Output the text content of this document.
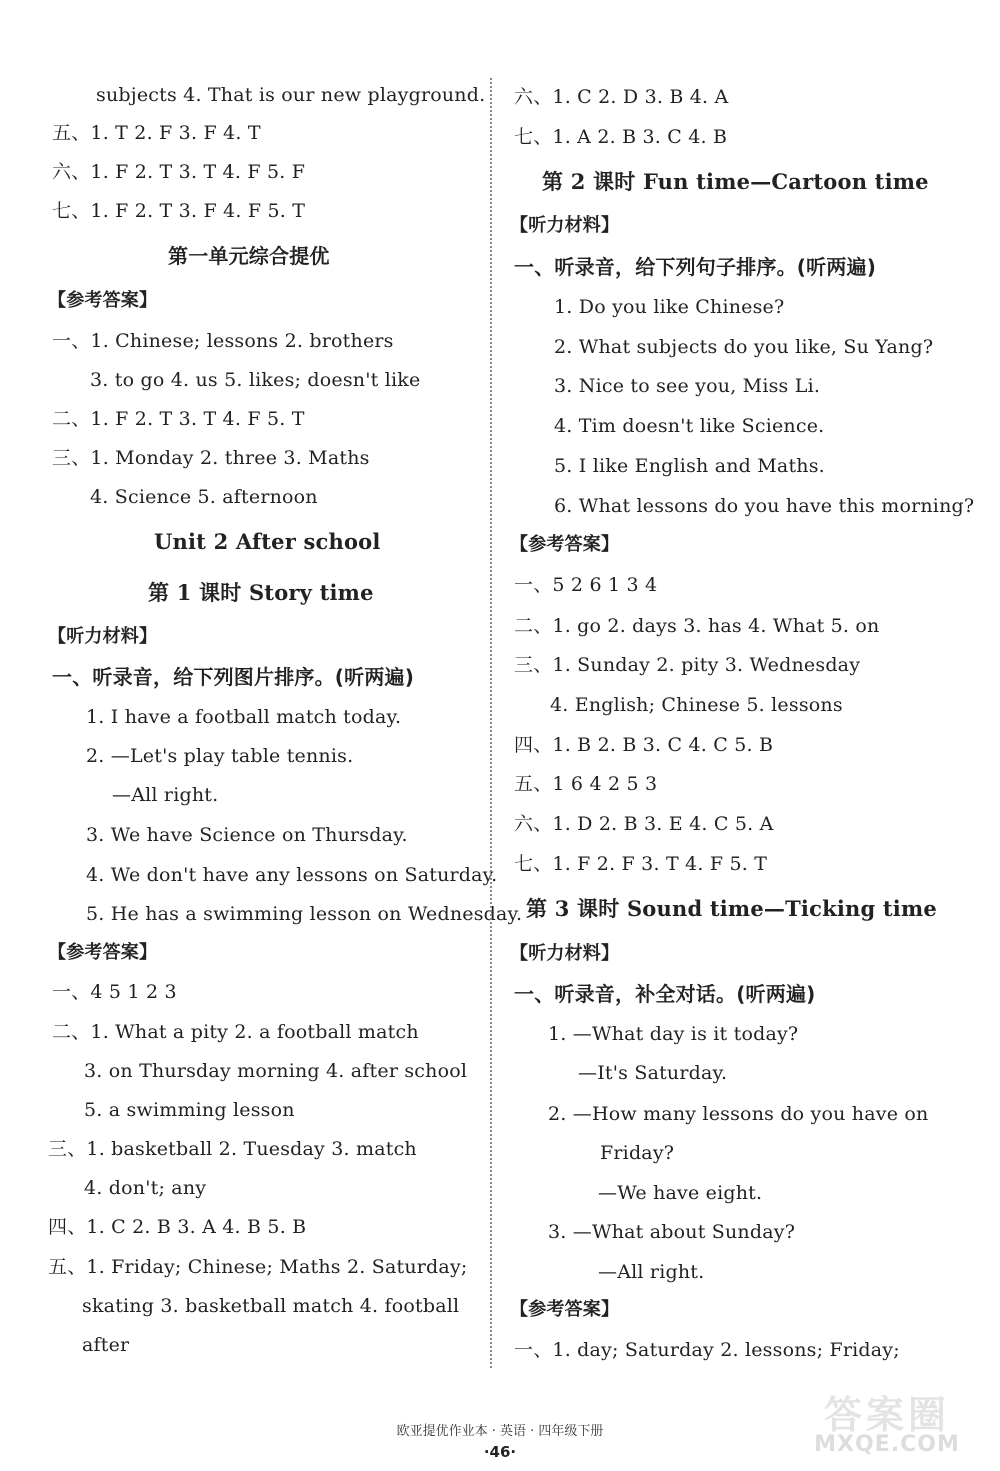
subjects 4. That is our new playground.
五、1. T 2. F 3. F 4. T
六、1. F 2. T 3. T 4. F 5. F
七、1. F 2. T 3. F 4. F 5. T
第一单元综合提优
【参考答案】
一、1. Chinese; lessons 2. brothers
3. to go 4. us 5. likes; doesn't like
二、1. F 2. T 3. T 4. F 5. T
三、1. Monday 2. three 3. Maths
4. Science 5. afternoon
Unit 2 After school
第 1 课时 Story time
【听力材料】
一、听录音，给下列图片排序。(听两遍)
1. I have a football match today.
2. —Let's play table tennis.
—All right.
3. We have Science on Thursday.
4. We don't have any lessons on Saturday.
5. He has a swimming lesson on Wednesday.
【参考答案】
一、4 5 1 2 3
二、1. What a pity 2. a football match
3. on Thursday morning 4. after school
5. a swimming lesson
三、1. basketball 2. Tuesday 3. match
4. don't; any
四、1. C 2. B 3. A 4. B 5. B
五、1. Friday; Chinese; Maths 2. Saturday;
skating 3. basketball match 4. football
after
六、1. C 2. D 3. B 4. A
七、1. A 2. B 3. C 4. B
第 2 课时 Fun time—Cartoon time
【听力材料】
一、听录音，给下列句子排序。(听两遍)
1. Do you like Chinese?
2. What subjects do you like, Su Yang?
3. Nice to see you, Miss Li.
4. Tim doesn't like Science.
5. I like English and Maths.
6. What lessons do you have this morning?
【参考答案】
一、5 2 6 1 3 4
二、1. go 2. days 3. has 4. What 5. on
三、1. Sunday 2. pity 3. Wednesday
4. English; Chinese 5. lessons
四、1. B 2. B 3. C 4. C 5. B
五、1 6 4 2 5 3
六、1. D 2. B 3. E 4. C 5. A
七、1. F 2. F 3. T 4. F 5. T
第 3 课时 Sound time—Ticking time
【听力材料】
一、听录音，补全对话。(听两遍)
1. —What day is it today?
—It's Saturday.
2. —How many lessons do you have on
Friday?
—We have eight.
3. —What about Sunday?
—All right.
【参考答案】
一、1. day; Saturday 2. lessons; Friday;
欧亚提优作业本 · 英语 · 四年级下册
·46·
答案圈
MXQE.COM
